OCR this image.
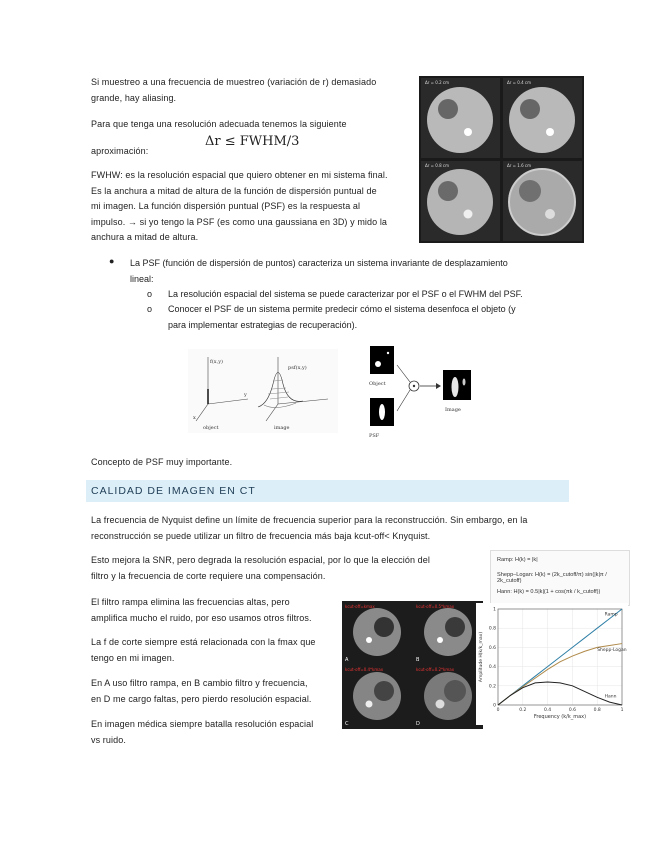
Si muestreo a una frecuencia de muestreo (variación de r) demasiado
grande, hay aliasing.
Para que tenga una resolución adecuada tenemos la siguiente
aproximación:
Δr ≤ FWHM/3
FWHW: es la resolución espacial que quiero obtener en mi sistema final.
Es la anchura a mitad de altura de la función de dispersión puntual de
mi imagen. La función dispersión puntual (PSF) es la respuesta al
impulso. → si yo tengo la PSF (es como una gaussiana en 3D) y mido la
anchura a mitad de altura.
Δr = 0.2 cm	Δr = 0.4 cm
Δr = 0.8 cm	Δr = 1.6 cm
● La PSF (función de dispersión de puntos) caracteriza un sistema invariante de desplazamiento
lineal:
o La resolución espacial del sistema se puede caracterizar por el PSF o el FWHM del PSF.
o Conocer el PSF de un sistema permite predecir cómo el sistema desenfoca el objeto (y
para implementar estrategias de recuperación).
f(x,y)
psf(x,y)
x
y
object	image
Object
PSF
Image
Concepto de PSF muy importante.
CALIDAD DE IMAGEN EN CT
La frecuencia de Nyquist define un límite de frecuencia superior para la reconstrucción. Sin embargo, en la
reconstrucción se puede utilizar un filtro de frecuencia más baja kcut-off< Knyquist.
Esto mejora la SNR, pero degrada la resolución espacial, por lo que la elección del
filtro y la frecuencia de corte requiere una compensación.
El filtro rampa elimina las frecuencias altas, pero
amplifica mucho el ruido, por eso usamos otros filtros.
La f de corte siempre está relacionada con la fmax que
tengo en mi imagen.
En A uso filtro rampa, en B cambio filtro y frecuencia,
en D me cargo faltas, pero pierdo resolución espacial.
En imagen médica siempre batalla resolución espacial
vs ruido.
Ramp: H(k) = |k|
Shepp–Logan: H(k) = (2k_cutoff/π) sin(|k|π / 2k_cutoff)
Hann: H(k) = 0.5|k|(1 + cos(πk / k_cutoff))
kcut-off=kmax	kcut-off=0.5*kmax
kcut-off=0.4*kmax	kcut-off=0.2*kmax
A	B
C	D
0	0.2	0.4	0.6	0.8	1
0
0.2
0.4
0.6
0.8
1
Frequency (k/k_max)
Amplitude H(k/k_max)
Ramp
Shepp-Logan
Hann
